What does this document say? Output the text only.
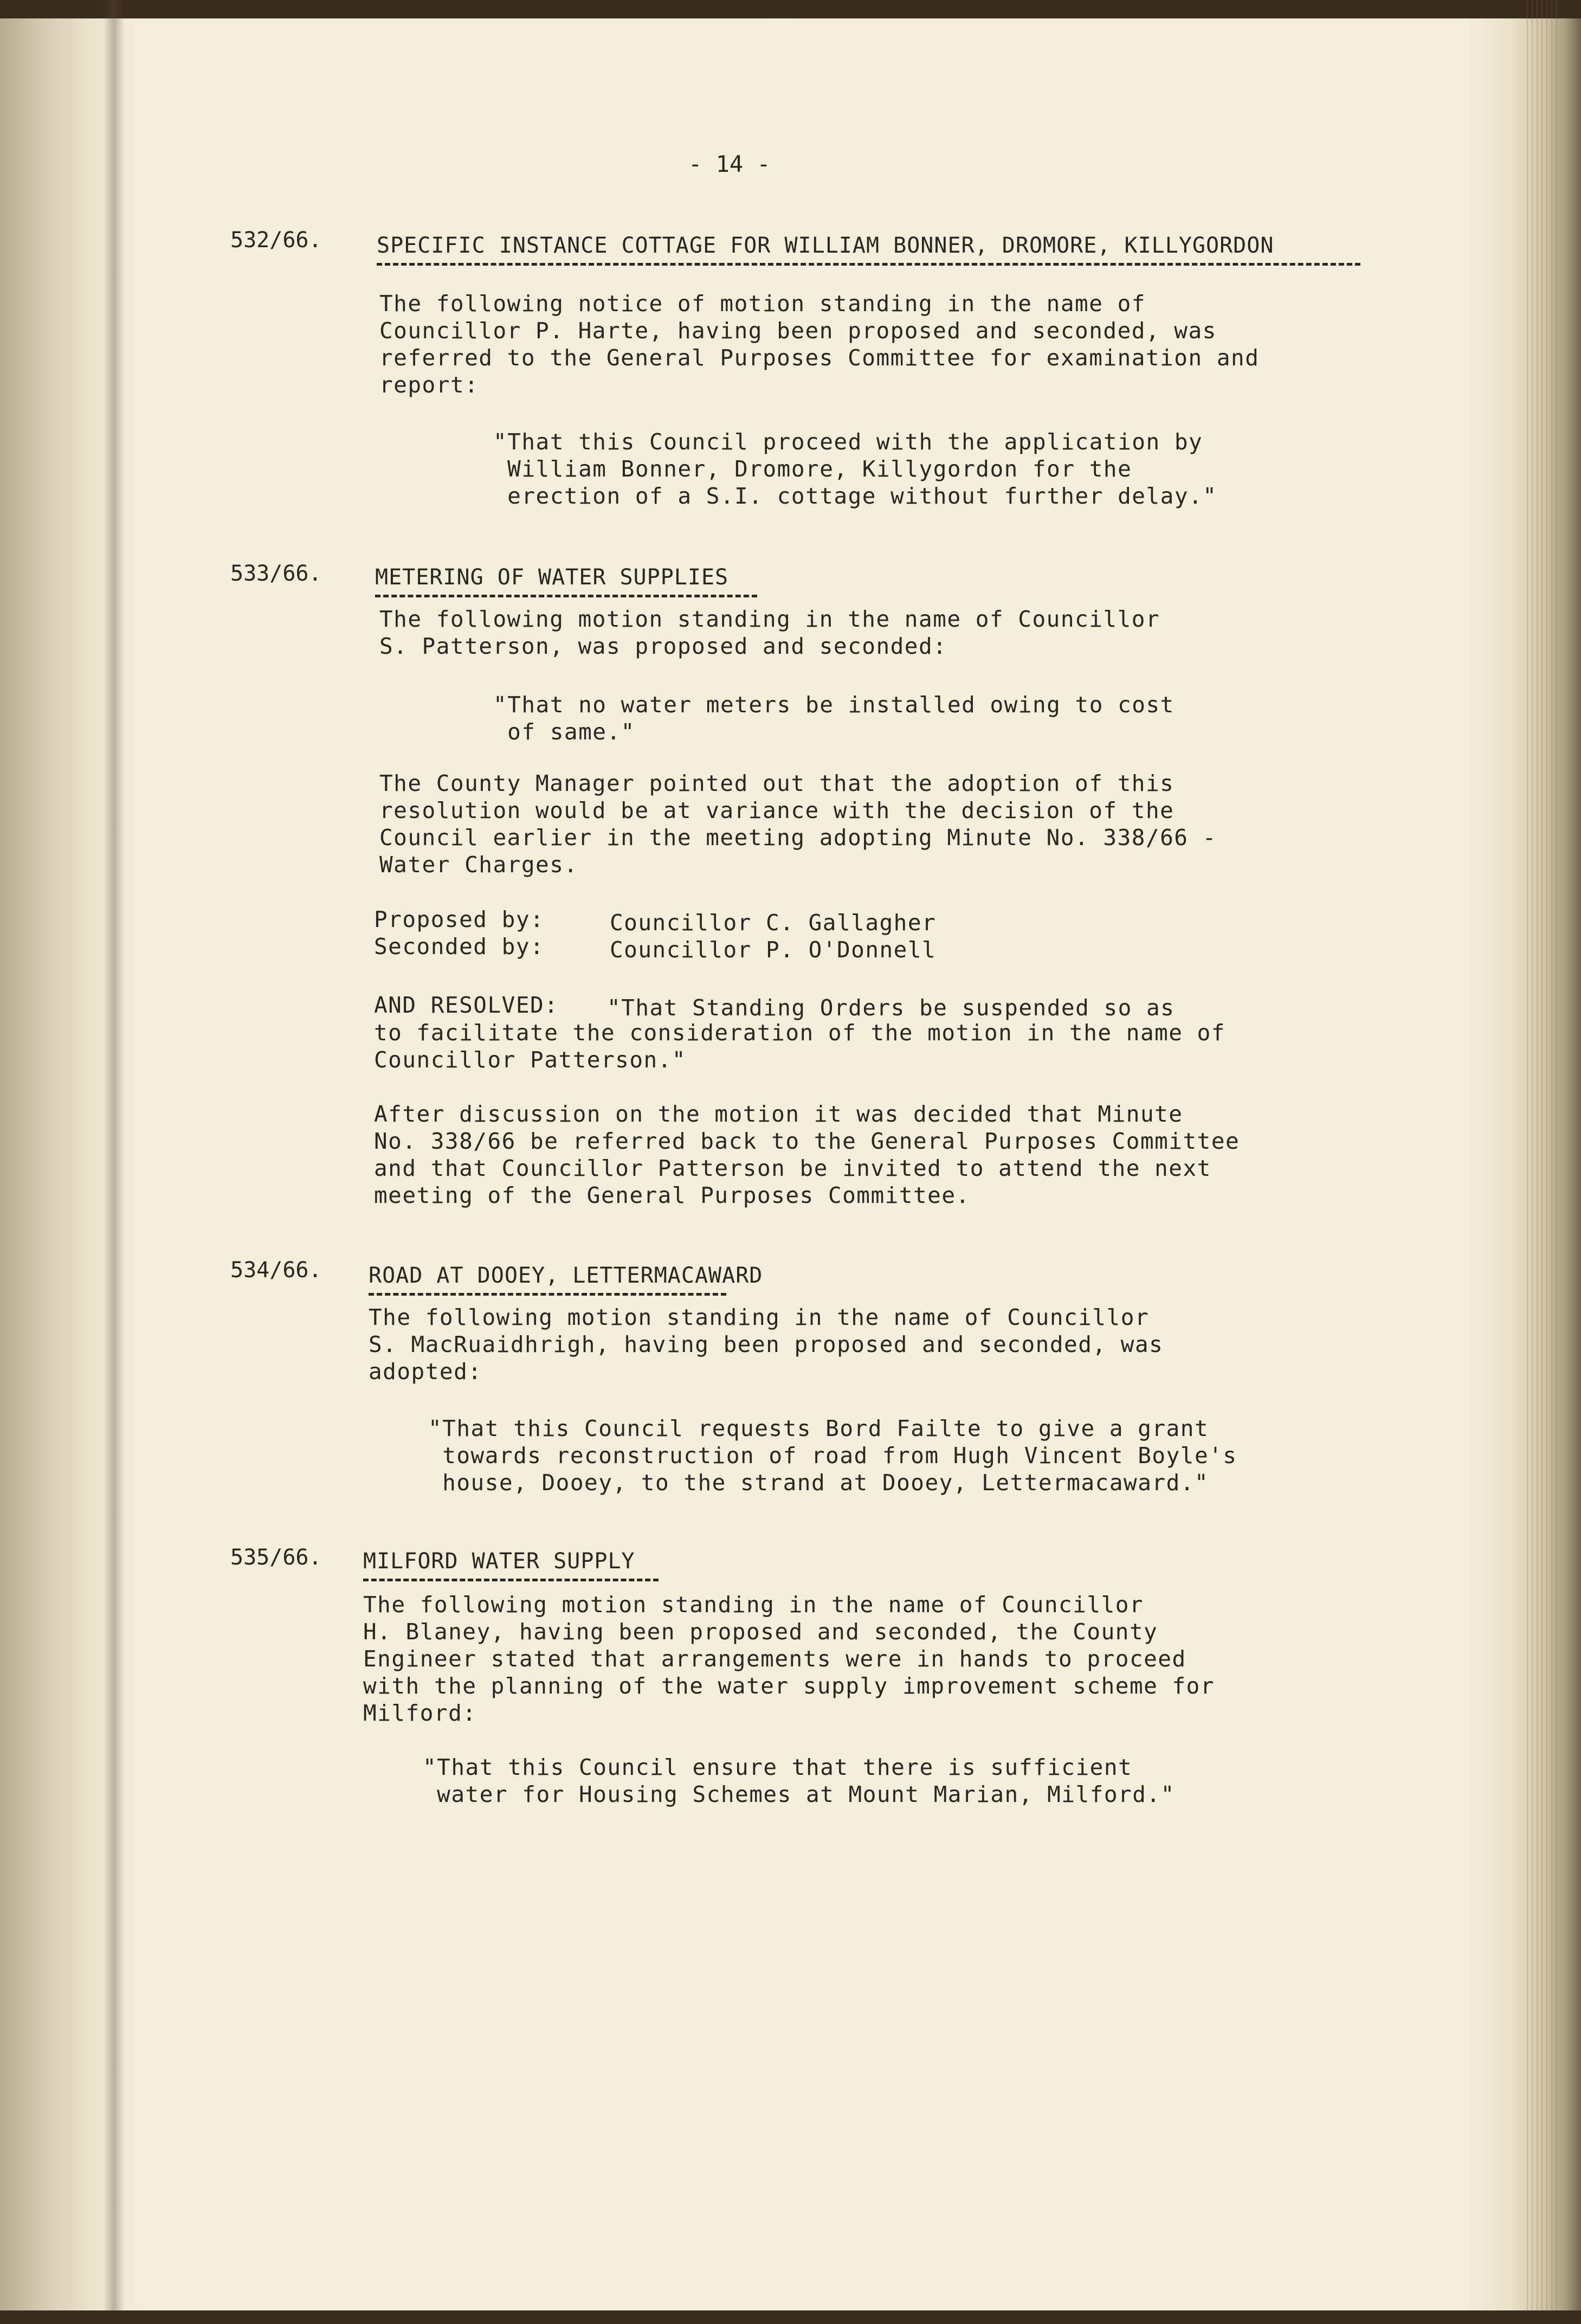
- 14 -
532/66.	SPECIFIC INSTANCE COTTAGE FOR WILLIAM BONNER, DROMORE, KILLYGORDON
The following notice of motion standing in the name of
Councillor P. Harte, having been proposed and seconded, was
referred to the General Purposes Committee for examination and
report:
"That this Council proceed with the application by
William Bonner, Dromore, Killygordon for the
erection of a S.I. cottage without further delay."
533/66. METERING OF WATER SUPPLIES
The following motion standing in the name of Councillor
S. Patterson, was proposed and seconded:
"That no water meters be installed owing to cost
of same."
The County Manager pointed out that the adoption of this
resolution would be at variance with the decision of the
Council earlier in the meeting adopting Minute No. 338/66 -
Water Charges.
Proposed by:	Councillor C. Gallagher
Seconded by:	Councillor P. O'Donnell
AND RESOLVED: "That Standing Orders be suspended so as
to facilitate the consideration of the motion in the name of
Councillor Patterson."
After discussion on the motion it was decided that Minute
No. 338/66 be referred back to the General Purposes Committee
and that Councillor Patterson be invited to attend the next
meeting of the General Purposes Committee.
534/66. ROAD AT DOOEY, LETTERMACAWARD
The following motion standing in the name of Councillor
S. MacRuaidhrigh, having been proposed and seconded, was
adopted:
"That this Council requests Bord Failte to give a grant
towards reconstruction of road from Hugh Vincent Boyle's
house, Dooey, to the strand at Dooey, Lettermacaward."
535/66. MILFORD WATER SUPPLY
The following motion standing in the name of Councillor
H. Blaney, having been proposed and seconded, the County
Engineer stated that arrangements were in hands to proceed
with the planning of the water supply improvement scheme for
Milford:
"That this Council ensure that there is sufficient
water for Housing Schemes at Mount Marian, Milford."
